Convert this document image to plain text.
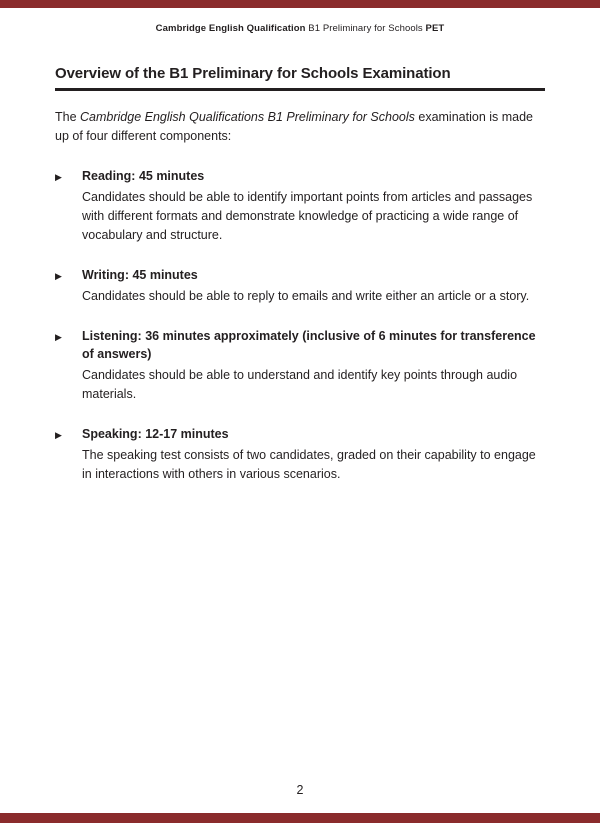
Cambridge English Qualification B1 Preliminary for Schools PET
Overview of the B1 Preliminary for Schools Examination

The Cambridge English Qualifications B1 Preliminary for Schools examination is made up of four different components:

▶	Reading: 45 minutes

Candidates should be able to identify important points from articles and passages with different formats and demonstrate knowledge of practicing a wide range of vocabulary and structure.

▶	Writing: 45 minutes

Candidates should be able to reply to emails and write either an article or a story.

▶	Listening: 36 minutes approximately (inclusive of 6 minutes for transference of answers)

Candidates should be able to understand and identify key points through audio materials.

▶	Speaking: 12-17 minutes

The speaking test consists of two candidates, graded on their capability to engage in interactions with others in various scenarios.

2
